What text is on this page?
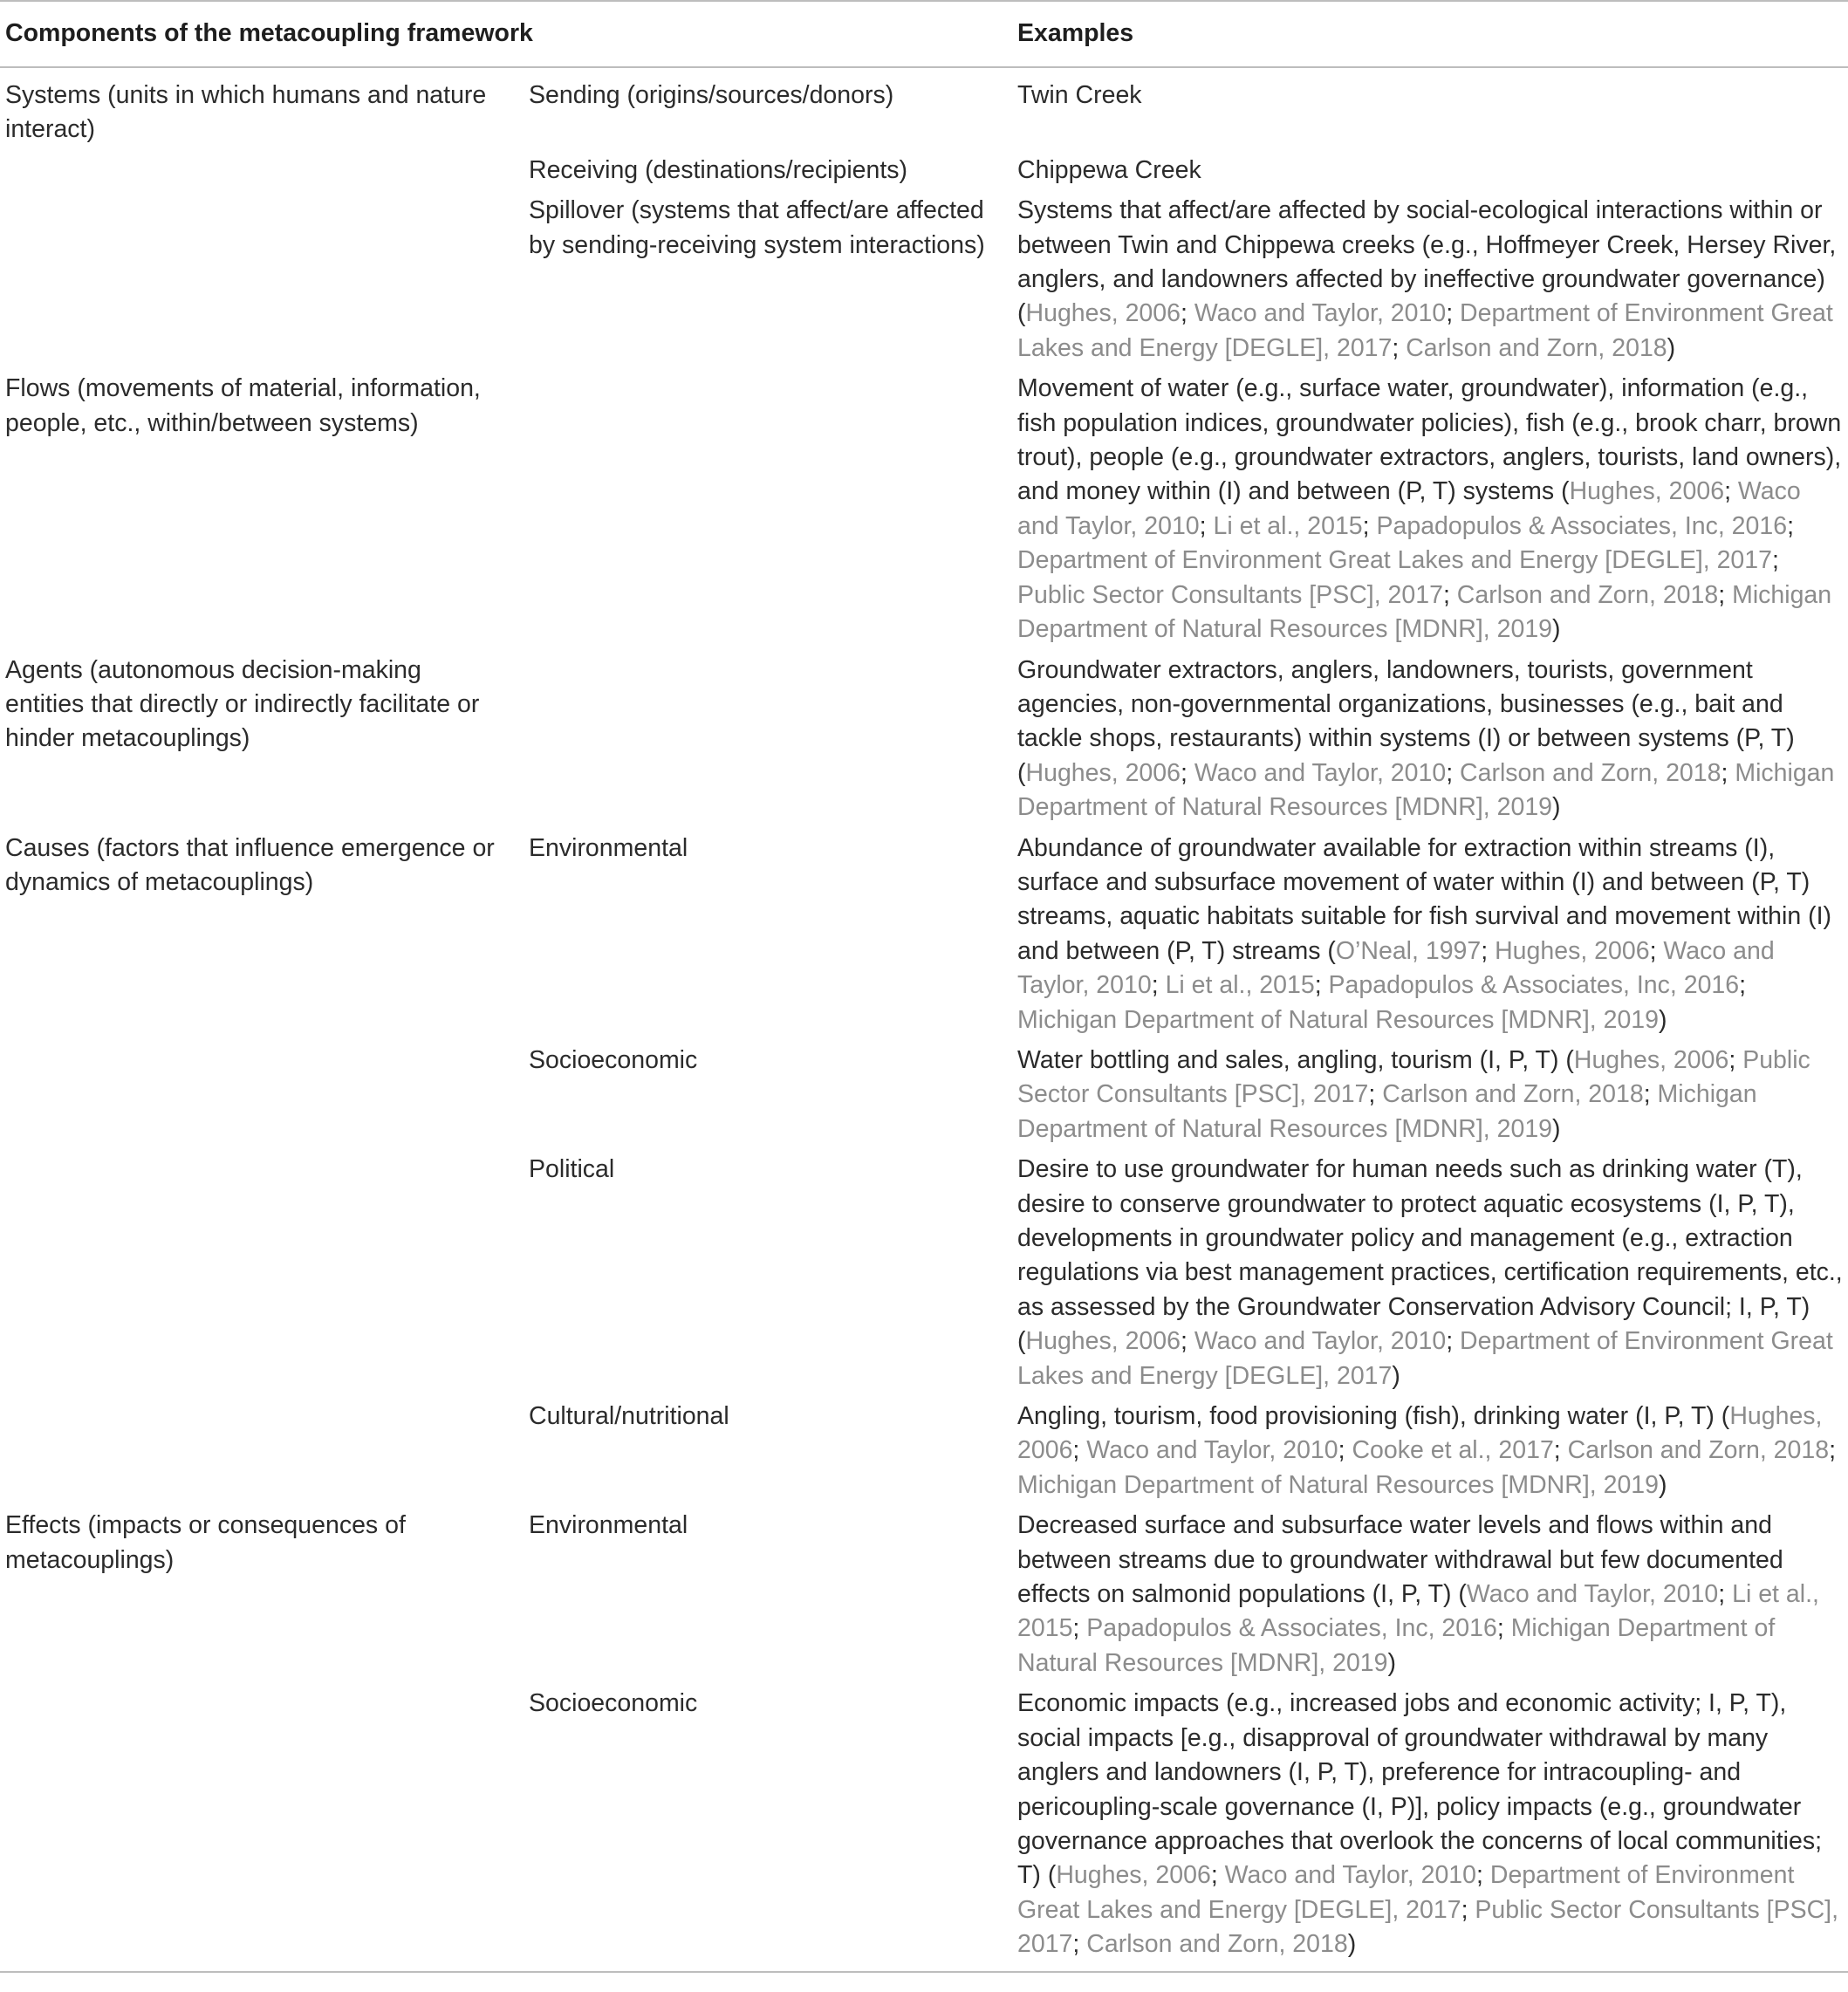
Components of the metacoupling framework		Examples
Systems (units in which humans and nature interact)	Sending (origins/sources/donors)	Twin Creek
	Receiving (destinations/recipients)	Chippewa Creek
	Spillover (systems that affect/are affected by sending-receiving system interactions)	Systems that affect/are affected by social-ecological interactions within or between Twin and Chippewa creeks (e.g., Hoffmeyer Creek, Hersey River, anglers, and landowners affected by ineffective groundwater governance) (Hughes, 2006; Waco and Taylor, 2010; Department of Environment Great Lakes and Energy [DEGLE], 2017; Carlson and Zorn, 2018)
Flows (movements of material, information, people, etc., within/between systems)		Movement of water (e.g., surface water, groundwater), information (e.g., fish population indices, groundwater policies), fish (e.g., brook charr, brown trout), people (e.g., groundwater extractors, anglers, tourists, land owners), and money within (I) and between (P, T) systems (Hughes, 2006; Waco and Taylor, 2010; Li et al., 2015; Papadopulos & Associates, Inc, 2016; Department of Environment Great Lakes and Energy [DEGLE], 2017; Public Sector Consultants [PSC], 2017; Carlson and Zorn, 2018; Michigan Department of Natural Resources [MDNR], 2019)
Agents (autonomous decision-making entities that directly or indirectly facilitate or hinder metacouplings)		Groundwater extractors, anglers, landowners, tourists, government agencies, non-governmental organizations, businesses (e.g., bait and tackle shops, restaurants) within systems (I) or between systems (P, T) (Hughes, 2006; Waco and Taylor, 2010; Carlson and Zorn, 2018; Michigan Department of Natural Resources [MDNR], 2019)
Causes (factors that influence emergence or dynamics of metacouplings)	Environmental	Abundance of groundwater available for extraction within streams (I), surface and subsurface movement of water within (I) and between (P, T) streams, aquatic habitats suitable for fish survival and movement within (I) and between (P, T) streams (O’Neal, 1997; Hughes, 2006; Waco and Taylor, 2010; Li et al., 2015; Papadopulos & Associates, Inc, 2016; Michigan Department of Natural Resources [MDNR], 2019)
	Socioeconomic	Water bottling and sales, angling, tourism (I, P, T) (Hughes, 2006; Public Sector Consultants [PSC], 2017; Carlson and Zorn, 2018; Michigan Department of Natural Resources [MDNR], 2019)
	Political	Desire to use groundwater for human needs such as drinking water (T), desire to conserve groundwater to protect aquatic ecosystems (I, P, T), developments in groundwater policy and management (e.g., extraction regulations via best management practices, certification requirements, etc., as assessed by the Groundwater Conservation Advisory Council; I, P, T) (Hughes, 2006; Waco and Taylor, 2010; Department of Environment Great Lakes and Energy [DEGLE], 2017)
	Cultural/nutritional	Angling, tourism, food provisioning (fish), drinking water (I, P, T) (Hughes, 2006; Waco and Taylor, 2010; Cooke et al., 2017; Carlson and Zorn, 2018; Michigan Department of Natural Resources [MDNR], 2019)
Effects (impacts or consequences of metacouplings)	Environmental	Decreased surface and subsurface water levels and flows within and between streams due to groundwater withdrawal but few documented effects on salmonid populations (I, P, T) (Waco and Taylor, 2010; Li et al., 2015; Papadopulos & Associates, Inc, 2016; Michigan Department of Natural Resources [MDNR], 2019)
	Socioeconomic	Economic impacts (e.g., increased jobs and economic activity; I, P, T), social impacts [e.g., disapproval of groundwater withdrawal by many anglers and landowners (I, P, T), preference for intracoupling- and pericoupling-scale governance (I, P)], policy impacts (e.g., groundwater governance approaches that overlook the concerns of local communities; T) (Hughes, 2006; Waco and Taylor, 2010; Department of Environment Great Lakes and Energy [DEGLE], 2017; Public Sector Consultants [PSC], 2017; Carlson and Zorn, 2018)
